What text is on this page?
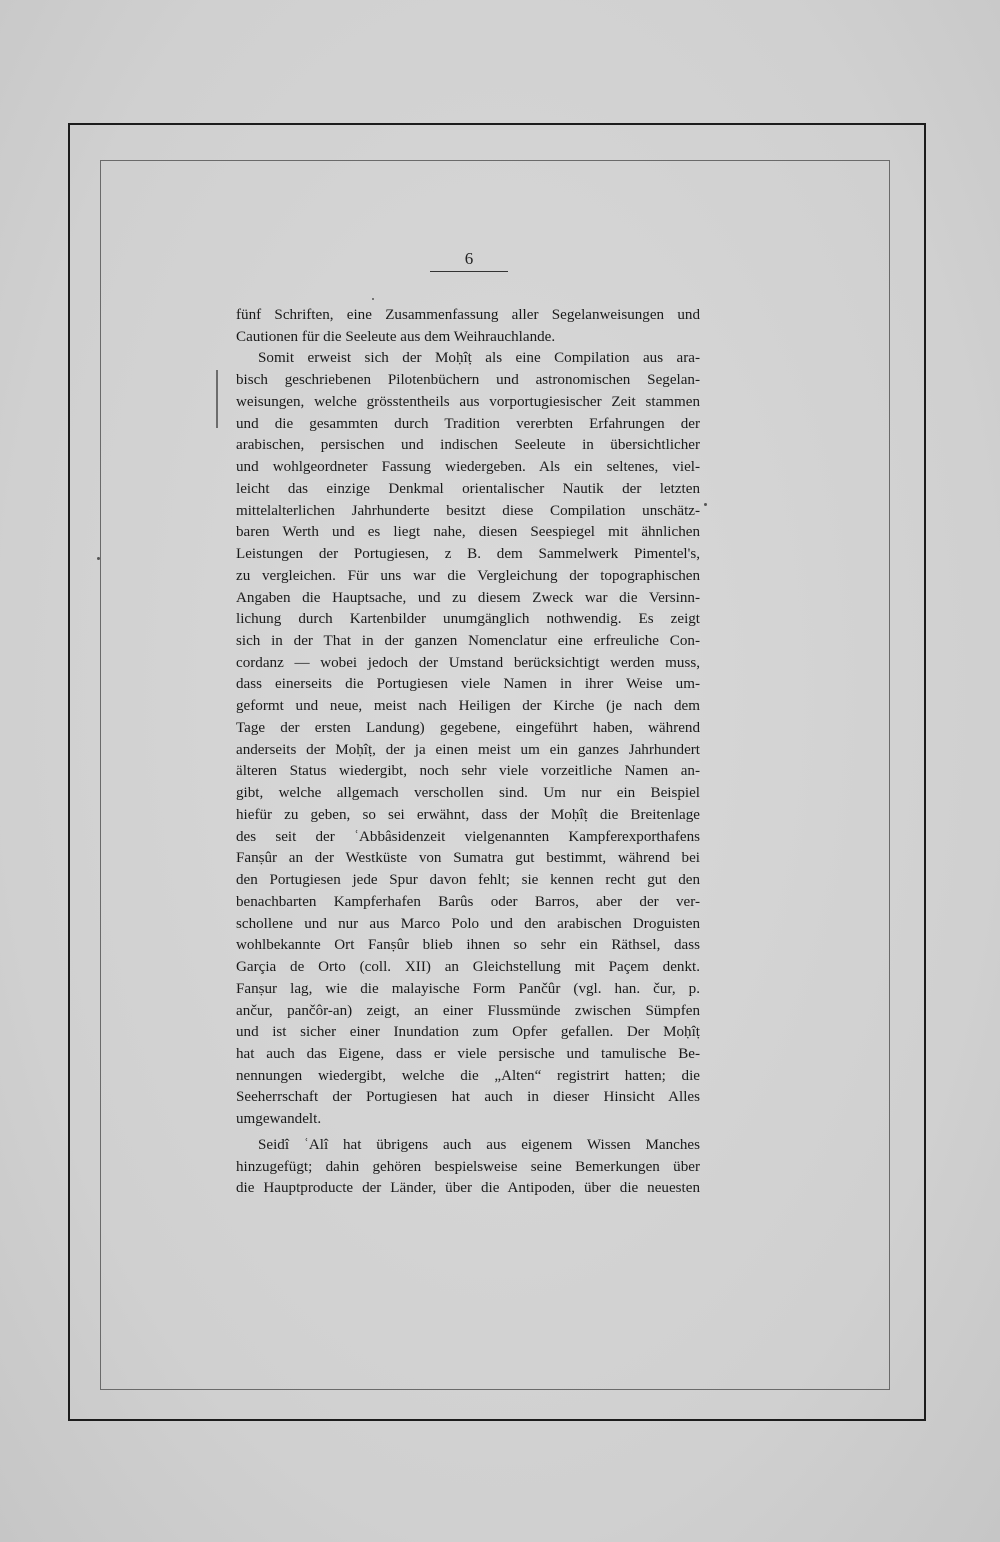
6
fünf Schriften, eine Zusammenfassung aller Segelanweisungen und
Cautionen für die Seeleute aus dem Weihrauchlande.
Somit erweist sich der Moḥîṭ als eine Compilation aus ara-
bisch geschriebenen Pilotenbüchern und astronomischen Segelan-
weisungen, welche grösstentheils aus vorportugiesischer Zeit stammen
und die gesammten durch Tradition vererbten Erfahrungen der
arabischen, persischen und indischen Seeleute in übersichtlicher
und wohlgeordneter Fassung wiedergeben. Als ein seltenes, viel-
leicht das einzige Denkmal orientalischer Nautik der letzten
mittelalterlichen Jahrhunderte besitzt diese Compilation unschätz-
baren Werth und es liegt nahe, diesen Seespiegel mit ähnlichen
Leistungen der Portugiesen, z B. dem Sammelwerk Pimentel's,
zu vergleichen. Für uns war die Vergleichung der topographischen
Angaben die Hauptsache, und zu diesem Zweck war die Versinn-
lichung durch Kartenbilder unumgänglich nothwendig. Es zeigt
sich in der That in der ganzen Nomenclatur eine erfreuliche Con-
cordanz — wobei jedoch der Umstand berücksichtigt werden muss,
dass einerseits die Portugiesen viele Namen in ihrer Weise um-
geformt und neue, meist nach Heiligen der Kirche (je nach dem
Tage der ersten Landung) gegebene, eingeführt haben, während
anderseits der Moḥîṭ, der ja einen meist um ein ganzes Jahrhundert
älteren Status wiedergibt, noch sehr viele vorzeitliche Namen an-
gibt, welche allgemach verschollen sind. Um nur ein Beispiel
hiefür zu geben, so sei erwähnt, dass der Moḥîṭ die Breitenlage
des seit der ʿAbbâsidenzeit vielgenannten Kampferexporthafens
Fanṣûr an der Westküste von Sumatra gut bestimmt, während bei
den Portugiesen jede Spur davon fehlt; sie kennen recht gut den
benachbarten Kampferhafen Barûs oder Barros, aber der ver-
schollene und nur aus Marco Polo und den arabischen Droguisten
wohlbekannte Ort Fanṣûr blieb ihnen so sehr ein Räthsel, dass
Garçia de Orto (coll. XII) an Gleichstellung mit Paçem denkt.
Fanṣur lag, wie die malayische Form Pančûr (vgl. han. čur, p.
ančur, pančôr-an) zeigt, an einer Flussmünde zwischen Sümpfen
und ist sicher einer Inundation zum Opfer gefallen. Der Moḥîṭ
hat auch das Eigene, dass er viele persische und tamulische Be-
nennungen wiedergibt, welche die „Alten“ registrirt hatten; die
Seeherrschaft der Portugiesen hat auch in dieser Hinsicht Alles
umgewandelt.
Seidî ʿAlî hat übrigens auch aus eigenem Wissen Manches
hinzugefügt; dahin gehören bespielsweise seine Bemerkungen über
die Hauptproducte der Länder, über die Antipoden, über die neuesten
